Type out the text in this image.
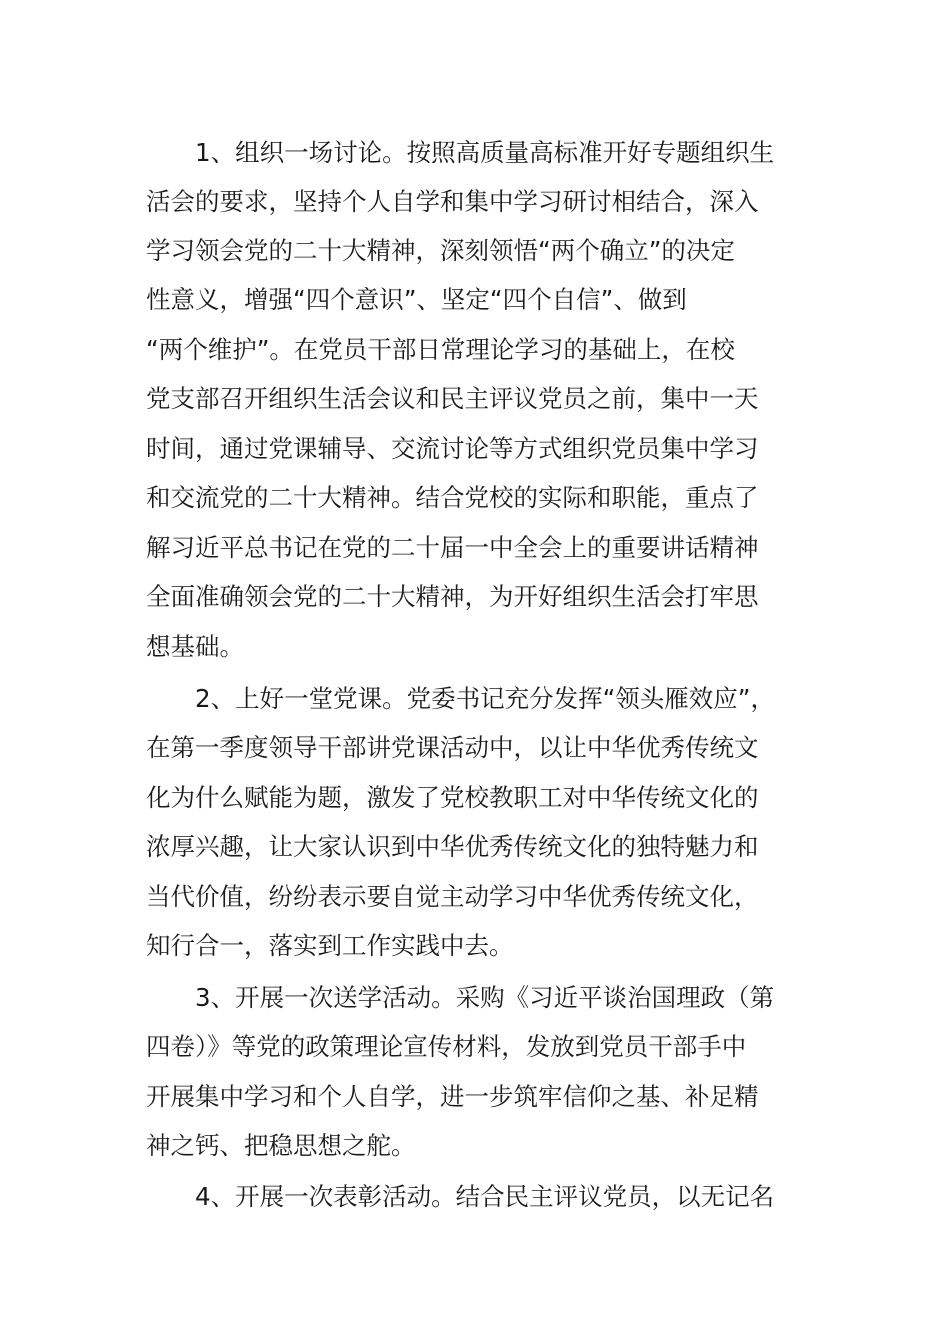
1、组织一场讨论。按照高质量高标准开好专题组织生
活会的要求，坚持个人自学和集中学习研讨相结合，深入
学习领会党的二十大精神，深刻领悟“两个确立”的决定
性意义，增强“四个意识”、坚定“四个自信”、做到
“两个维护”。在党员干部日常理论学习的基础上，在校
党支部召开组织生活会议和民主评议党员之前，集中一天
时间，通过党课辅导、交流讨论等方式组织党员集中学习
和交流党的二十大精神。结合党校的实际和职能，重点了
解习近平总书记在党的二十届一中全会上的重要讲话精神
全面准确领会党的二十大精神，为开好组织生活会打牢思
想基础。
2、上好一堂党课。党委书记充分发挥“领头雁效应”，
在第一季度领导干部讲党课活动中，以让中华优秀传统文
化为什么赋能为题，激发了党校教职工对中华传统文化的
浓厚兴趣，让大家认识到中华优秀传统文化的独特魅力和
当代价值，纷纷表示要自觉主动学习中华优秀传统文化，
知行合一，落实到工作实践中去。
3、开展一次送学活动。采购《习近平谈治国理政（第
四卷）》等党的政策理论宣传材料，发放到党员干部手中
开展集中学习和个人自学，进一步筑牢信仰之基、补足精
神之钙、把稳思想之舵。
4、开展一次表彰活动。结合民主评议党员，以无记名
